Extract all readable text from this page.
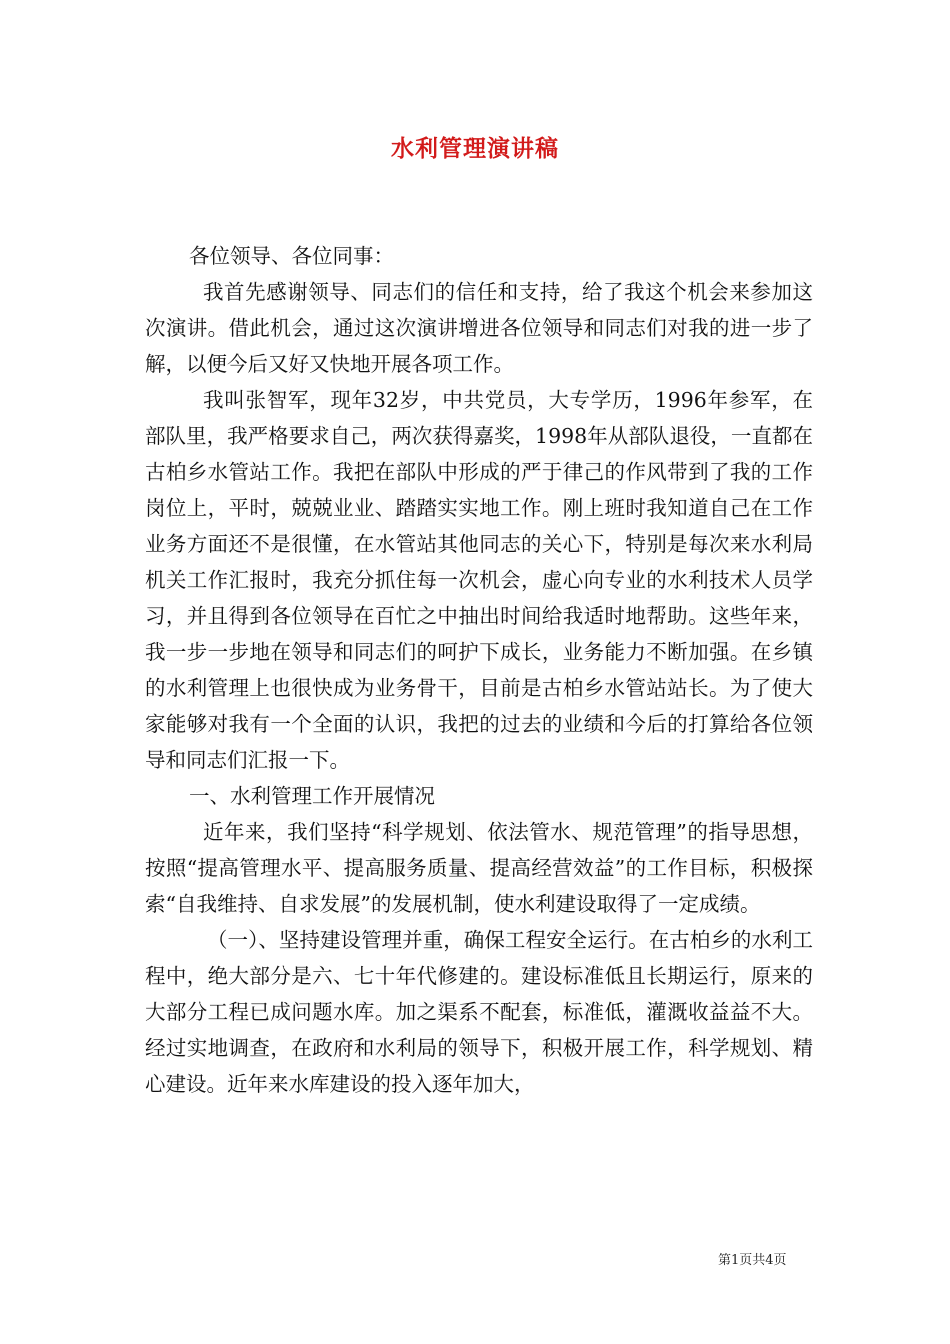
水利管理演讲稿

各位领导、各位同事：

我首先感谢领导、同志们的信任和支持，给了我这个机会来参加这次演讲。借此机会，通过这次演讲增进各位领导和同志们对我的进一步了解，以便今后又好又快地开展各项工作。

我叫张智军，现年32岁，中共党员，大专学历，1996年参军，在部队里，我严格要求自己，两次获得嘉奖，1998年从部队退役，一直都在古柏乡水管站工作。我把在部队中形成的严于律己的作风带到了我的工作岗位上，平时，兢兢业业、踏踏实实地工作。刚上班时我知道自己在工作业务方面还不是很懂，在水管站其他同志的关心下，特别是每次来水利局机关工作汇报时，我充分抓住每一次机会，虚心向专业的水利技术人员学习，并且得到各位领导在百忙之中抽出时间给我适时地帮助。这些年来，我一步一步地在领导和同志们的呵护下成长，业务能力不断加强。在乡镇的水利管理上也很快成为业务骨干，目前是古柏乡水管站站长。为了使大家能够对我有一个全面的认识，我把的过去的业绩和今后的打算给各位领导和同志们汇报一下。

一、水利管理工作开展情况

近年来，我们坚持“科学规划、依法管水、规范管理”的指导思想，按照“提高管理水平、提高服务质量、提高经营效益”的工作目标，积极探索“自我维持、自求发展”的发展机制，使水利建设取得了一定成绩。

（一）、坚持建设管理并重，确保工程安全运行。在古柏乡的水利工程中，绝大部分是六、七十年代修建的。建设标准低且长期运行，原来的大部分工程已成问题水库。加之渠系不配套，标准低，灌溉收益益不大。经过实地调查，在政府和水利局的领导下，积极开展工作，科学规划、精心建设。近年来水库建设的投入逐年加大，

第1页共4页
